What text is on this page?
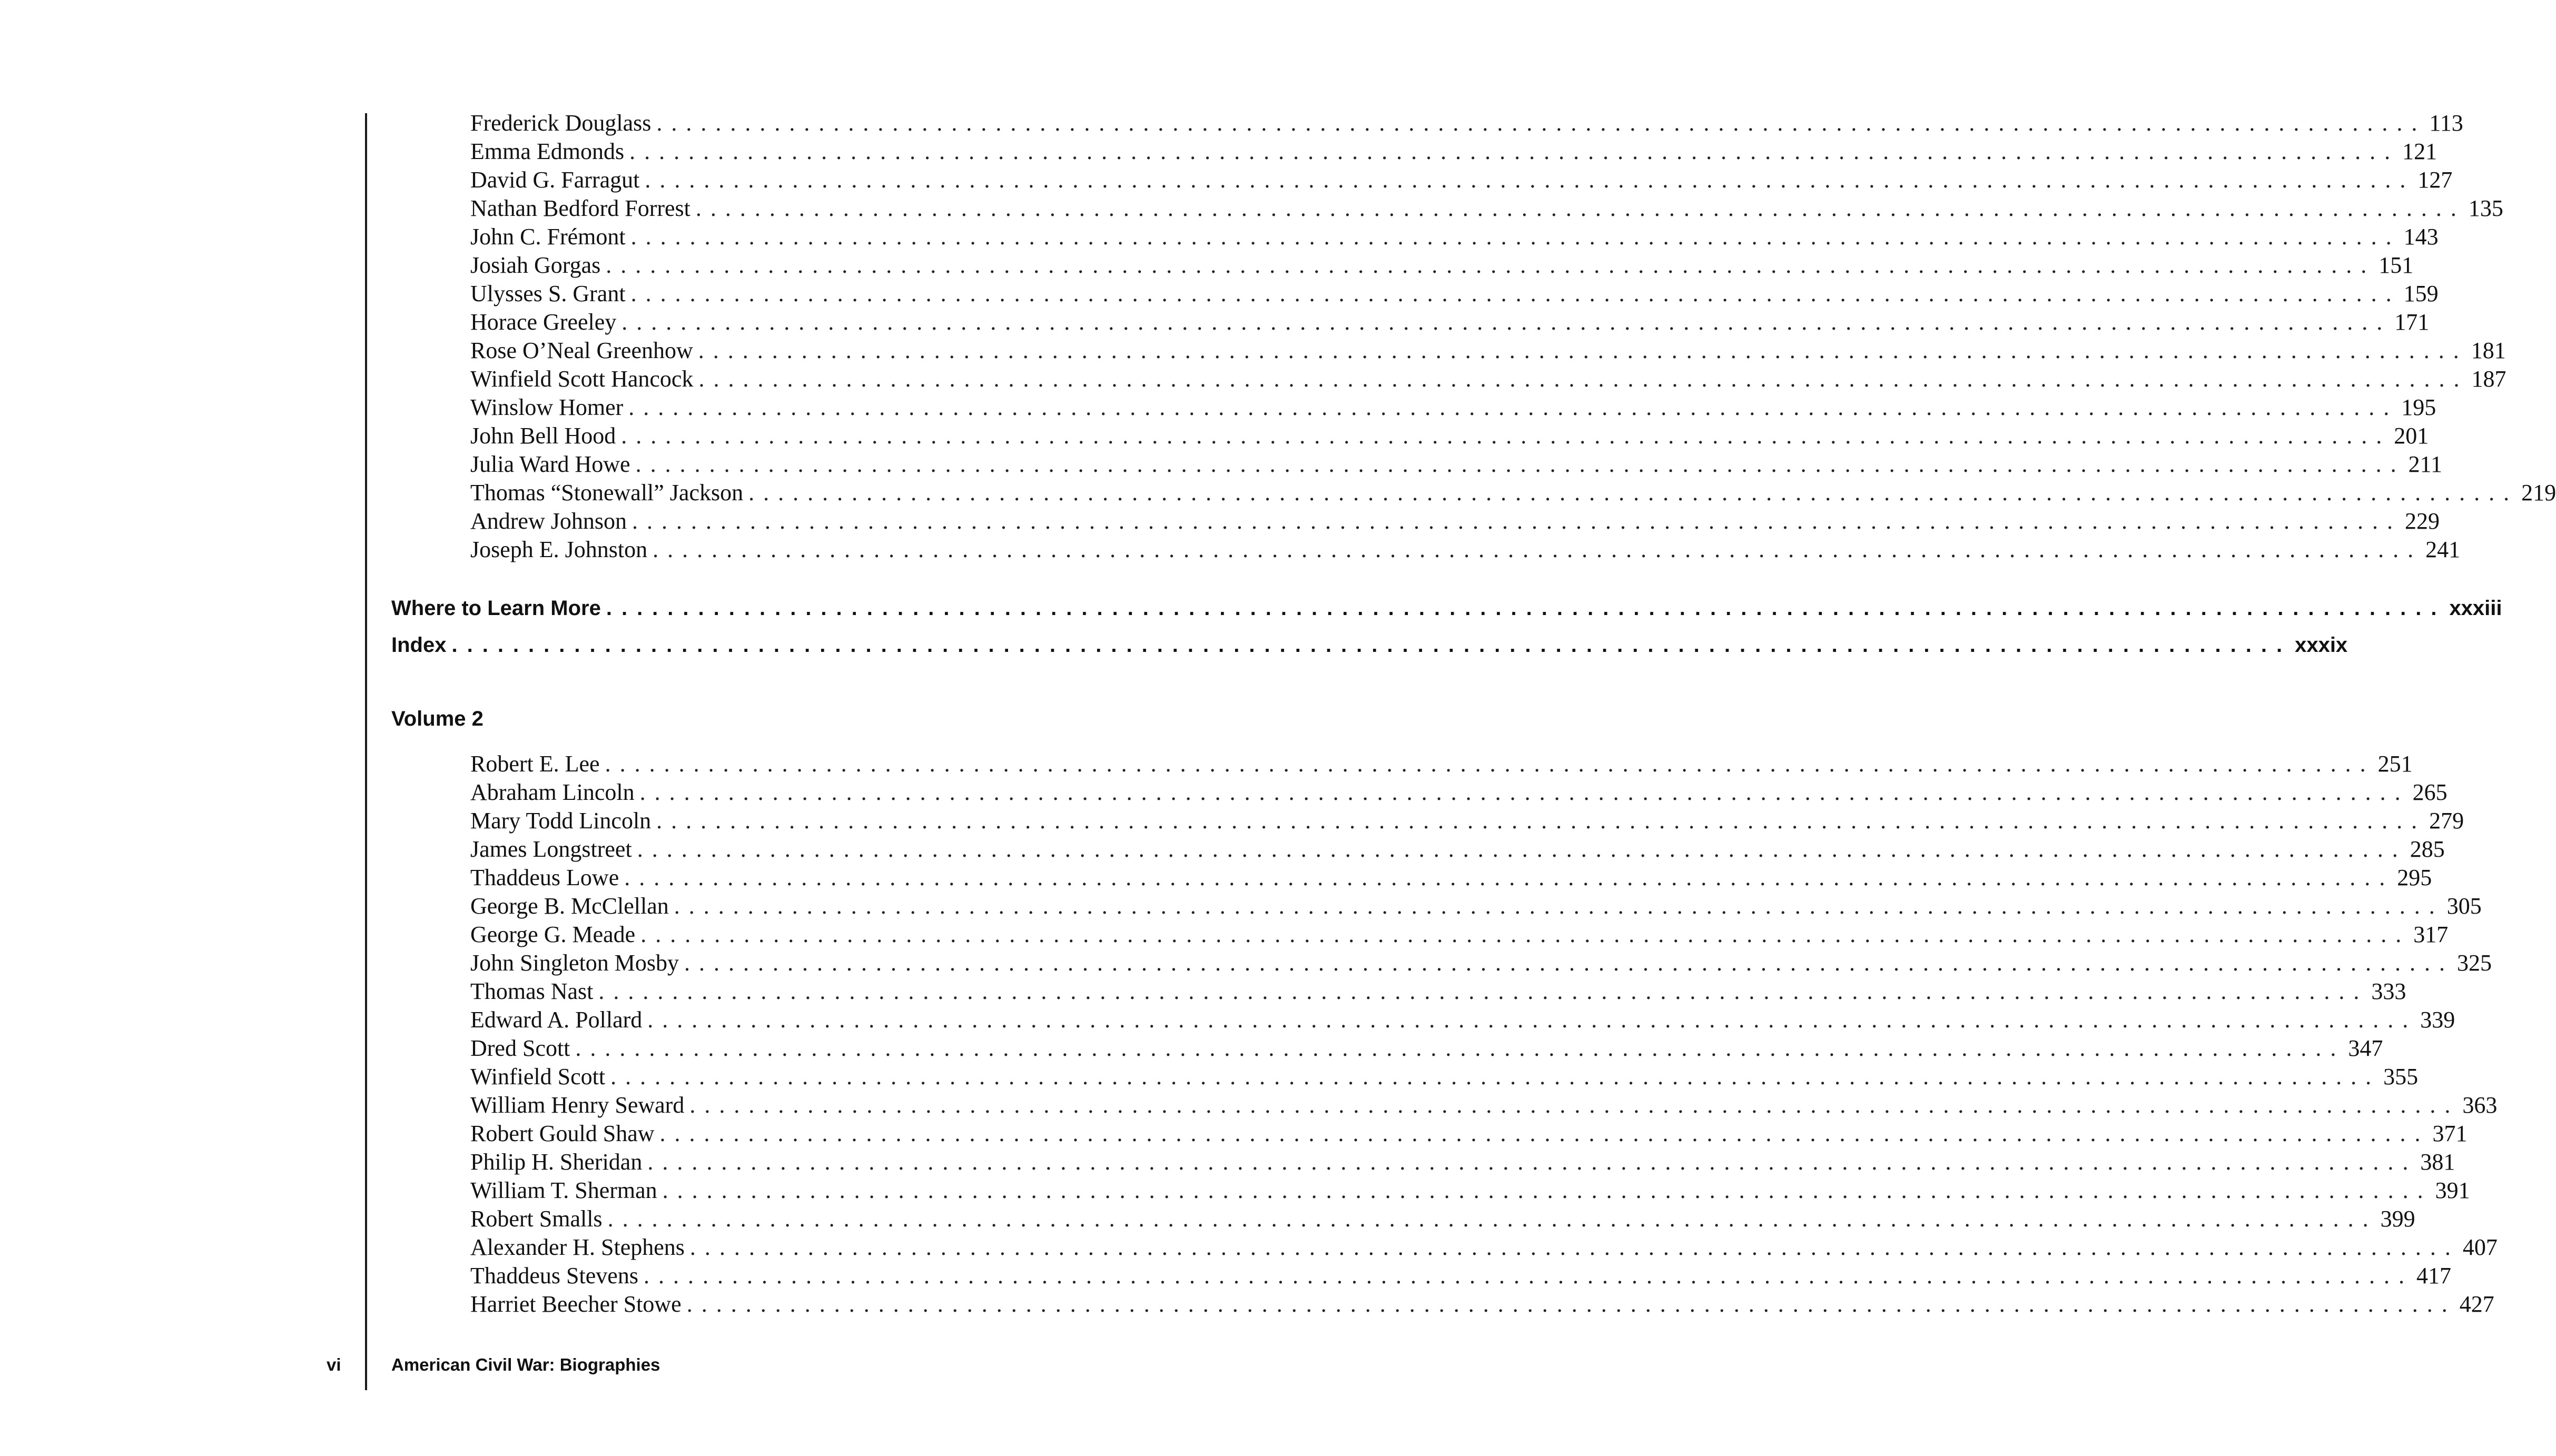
Frederick Douglass ........................................................................................................................ 113
Emma Edmonds ........................................................................................................................ 121
David G. Farragut ........................................................................................................................ 127
Nathan Bedford Forrest ........................................................................................................................ 135
John C. Frémont ........................................................................................................................ 143
Josiah Gorgas ........................................................................................................................ 151
Ulysses S. Grant ........................................................................................................................ 159
Horace Greeley ........................................................................................................................ 171
Rose O’Neal Greenhow ........................................................................................................................ 181
Winfield Scott Hancock ........................................................................................................................ 187
Winslow Homer ........................................................................................................................ 195
John Bell Hood ........................................................................................................................ 201
Julia Ward Howe ........................................................................................................................ 211
Thomas “Stonewall” Jackson ........................................................................................................................ 219
Andrew Johnson ........................................................................................................................ 229
Joseph E. Johnston ........................................................................................................................ 241
Where to Learn More ........................................................................................................................ xxxiii
Index ........................................................................................................................ xxxix
Volume 2
Robert E. Lee ........................................................................................................................ 251
Abraham Lincoln ........................................................................................................................ 265
Mary Todd Lincoln ........................................................................................................................ 279
James Longstreet ........................................................................................................................ 285
Thaddeus Lowe ........................................................................................................................ 295
George B. McClellan ........................................................................................................................ 305
George G. Meade ........................................................................................................................ 317
John Singleton Mosby ........................................................................................................................ 325
Thomas Nast ........................................................................................................................ 333
Edward A. Pollard ........................................................................................................................ 339
Dred Scott ........................................................................................................................ 347
Winfield Scott ........................................................................................................................ 355
William Henry Seward ........................................................................................................................ 363
Robert Gould Shaw ........................................................................................................................ 371
Philip H. Sheridan ........................................................................................................................ 381
William T. Sherman ........................................................................................................................ 391
Robert Smalls ........................................................................................................................ 399
Alexander H. Stephens ........................................................................................................................ 407
Thaddeus Stevens ........................................................................................................................ 417
Harriet Beecher Stowe ........................................................................................................................ 427
vi	American Civil War: Biographies
